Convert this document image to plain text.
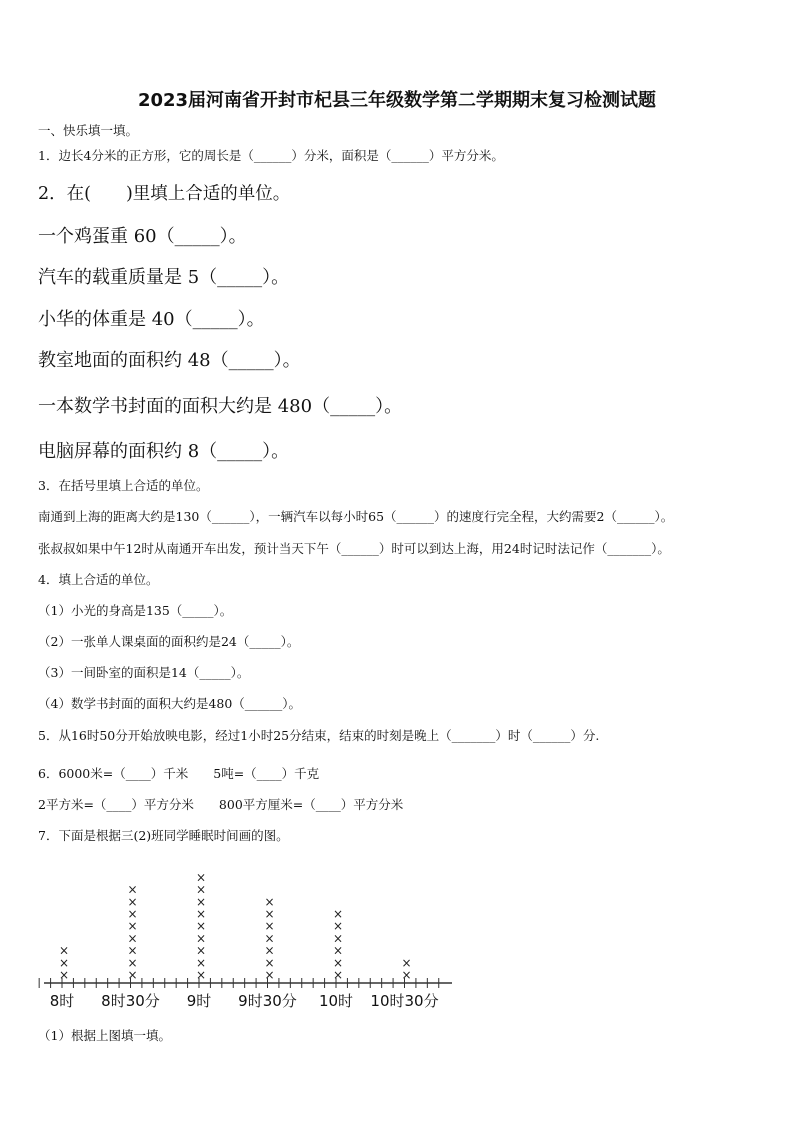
2023届河南省开封市杞县三年级数学第二学期期末复习检测试题
一、快乐填一填。
1．边长4分米的正方形，它的周长是（______）分米，面积是（______）平方分米。
2．在(　　)里填上合适的单位。
一个鸡蛋重 60（_____）。
汽车的载重质量是 5（_____）。
小华的体重是 40（_____）。
教室地面的面积约 48（_____）。
一本数学书封面的面积大约是 480（_____）。
电脑屏幕的面积约 8（_____）。
3．在括号里填上合适的单位。
南通到上海的距离大约是130（______），一辆汽车以每小时65（______）的速度行完全程，大约需要2（______）。
张叔叔如果中午12时从南通开车出发，预计当天下午（______）时可以到达上海，用24时记时法记作（_______）。
4．填上合适的单位。
（1）小光的身高是135（_____）。
（2）一张单人课桌面的面积约是24（_____）。
（3）一间卧室的面积是14（_____）。
（4）数学书封面的面积大约是480（______）。
5．从16时50分开始放映电影，经过1小时25分结束，结束的时刻是晚上（_______）时（______）分.
6．6000米=（____）千米　　5吨=（____）千克
2平方米=（____）平方分米　　800平方厘米=（____）平方分米
7．下面是根据三(2)班同学睡眠时间画的图。
8时 8时30分 9时 9时30分 10时 10时30分
×
×
×
×
×
×
×
×
×
×
×
×
×
×
×
×
×
×
×
×
×
×
×
×
×
×
×
×
×
×
×
×
×
×
×
（1）根据上图填一填。
